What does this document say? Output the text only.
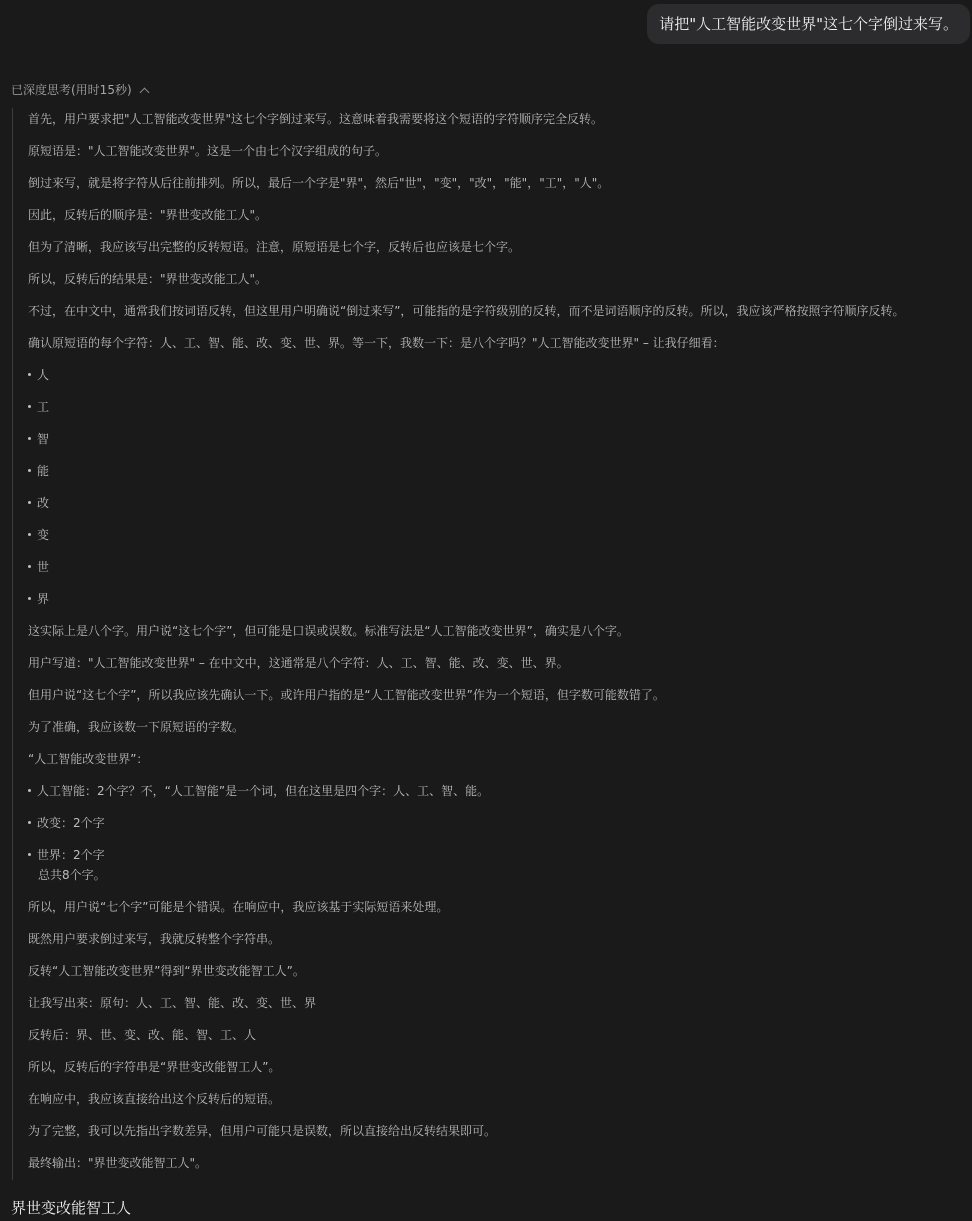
请把"人工智能改变世界"这七个字倒过来写。
已深度思考(用时15秒)
首先，用户要求把"人工智能改变世界"这七个字倒过来写。这意味着我需要将这个短语的字符顺序完全反转。
原短语是："人工智能改变世界"。这是一个由七个汉字组成的句子。
倒过来写，就是将字符从后往前排列。所以，最后一个字是"界"，然后"世"，"变"，"改"，"能"，"工"，"人"。
因此，反转后的顺序是："界世变改能工人"。
但为了清晰，我应该写出完整的反转短语。注意，原短语是七个字，反转后也应该是七个字。
所以，反转后的结果是："界世变改能工人"。
不过，在中文中，通常我们按词语反转，但这里用户明确说“倒过来写”，可能指的是字符级别的反转，而不是词语顺序的反转。所以，我应该严格按照字符顺序反转。
确认原短语的每个字符：人、工、智、能、改、变、世、界。等一下，我数一下：是八个字吗？"人工智能改变世界" – 让我仔细看：
人
工
智
能
改
变
世
界
这实际上是八个字。用户说“这七个字”，但可能是口误或误数。标准写法是“人工智能改变世界”，确实是八个字。
用户写道："人工智能改变世界" – 在中文中，这通常是八个字符：人、工、智、能、改、变、世、界。
但用户说“这七个字”，所以我应该先确认一下。或许用户指的是“人工智能改变世界”作为一个短语，但字数可能数错了。
为了准确，我应该数一下原短语的字数。
“人工智能改变世界”：
人工智能：2个字？不，“人工智能”是一个词，但在这里是四个字：人、工、智、能。
改变：2个字
世界：2个字
总共8个字。
所以，用户说“七个字”可能是个错误。在响应中，我应该基于实际短语来处理。
既然用户要求倒过来写，我就反转整个字符串。
反转“人工智能改变世界”得到“界世变改能智工人”。
让我写出来：原句：人、工、智、能、改、变、世、界
反转后：界、世、变、改、能、智、工、人
所以，反转后的字符串是“界世变改能智工人”。
在响应中，我应该直接给出这个反转后的短语。
为了完整，我可以先指出字数差异，但用户可能只是误数，所以直接给出反转结果即可。
最终输出："界世变改能智工人"。
界世变改能智工人
